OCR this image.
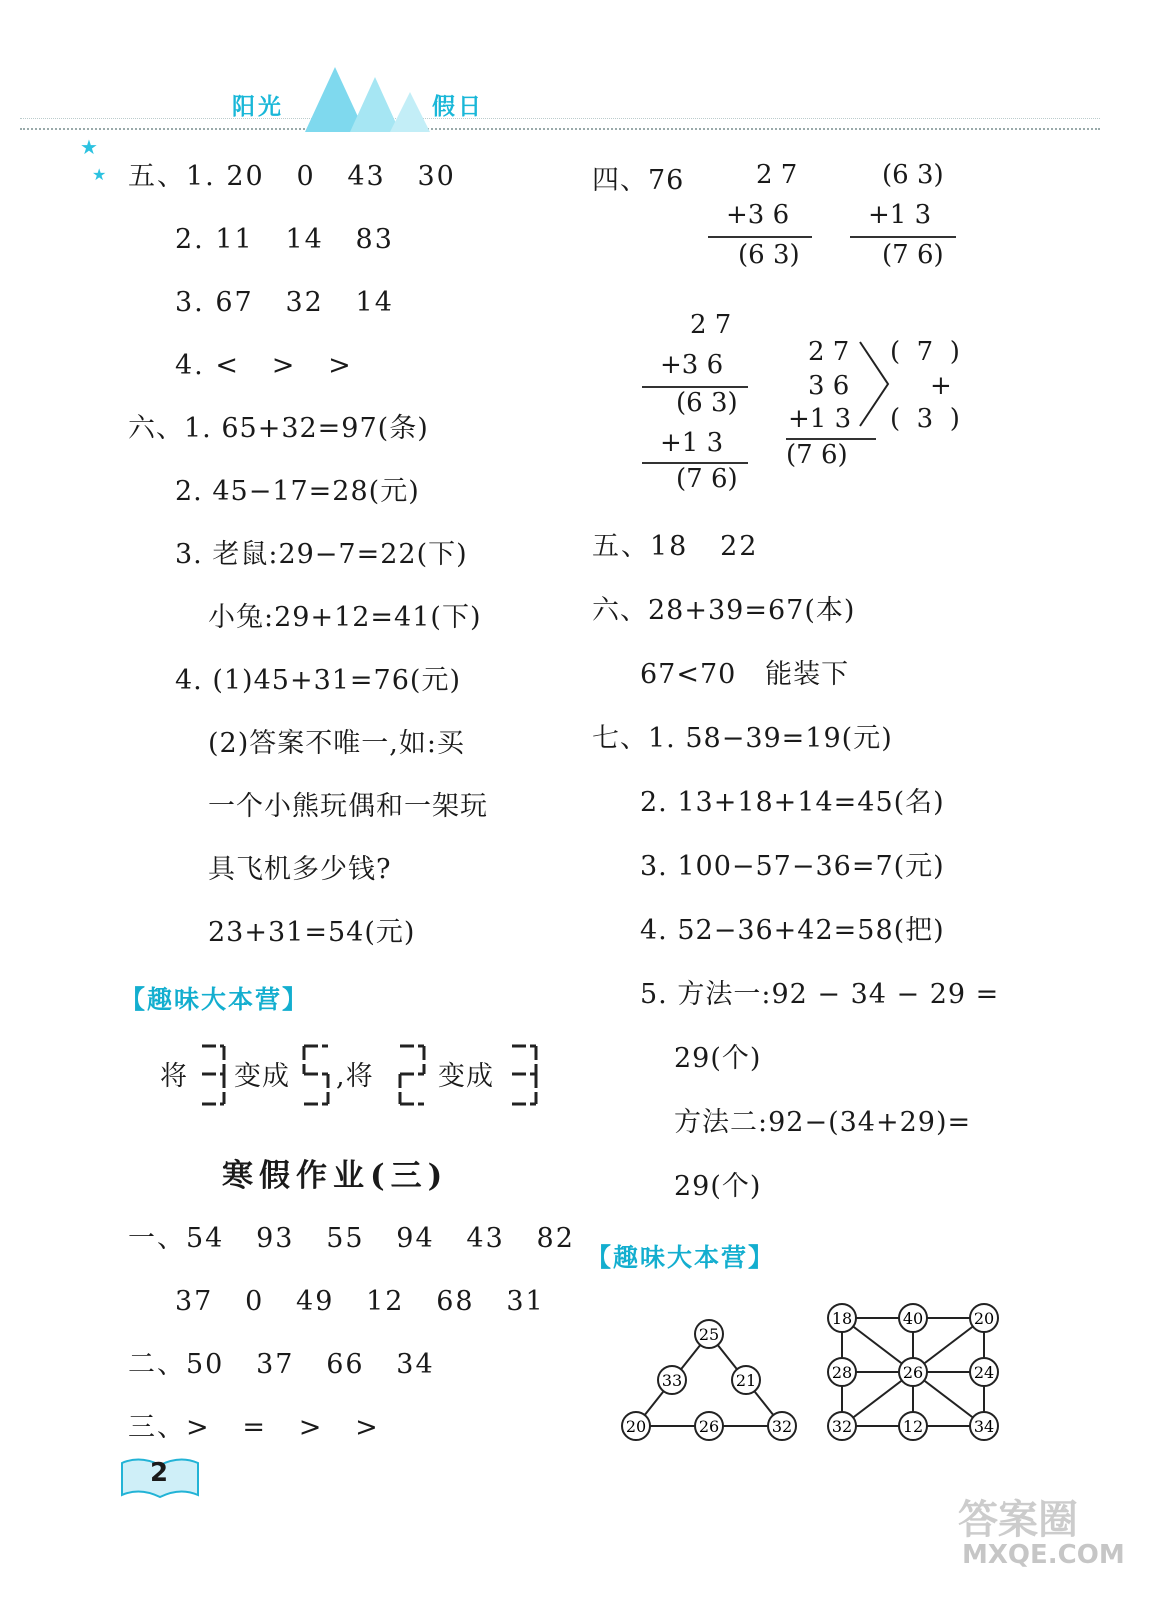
阳光	假日
★
★ 五、1. 20   0   43   30
2. 11   14   83
3. 67   32   14
4. <   >   >
六、1. 65+32=97(条)
2. 45−17=28(元)
3. 老鼠:29−7=22(下)
小兔:29+12=41(下)
4. (1)45+31=76(元)
(2)答案不唯一,如:买
一个小熊玩偶和一架玩
具飞机多少钱?
23+31=54(元)
【趣味大本营】
将 变成 ,将 变成
寒假作业(三)
一、54   93   55   94   43   82
37   0   49   12   68   31
二、50   37   66   34
三、>   =   >   >
2
四、76	2 7
+3 6
(6 3)
(6 3)
+1 3
(7 6)
2 7
+3 6
(6 3)
+1 3
(7 6)
2 7
3 6
+1 3
(7 6)
(  7  )
+
(  3  )
五、18   22
六、28+39=67(本)
67<70   能装下
七、1. 58−39=19(元)
2. 13+18+14=45(名)
3. 100−57−36=7(元)
4. 52−36+42=58(把)
5. 方法一:92 − 34 − 29 =
29(个)
方法二:92−(34+29)=
29(个)
【趣味大本营】
25
33	21
20	26	32
18	40	20
28	26	24
32	12	34
答案圈
MXQE.COM
